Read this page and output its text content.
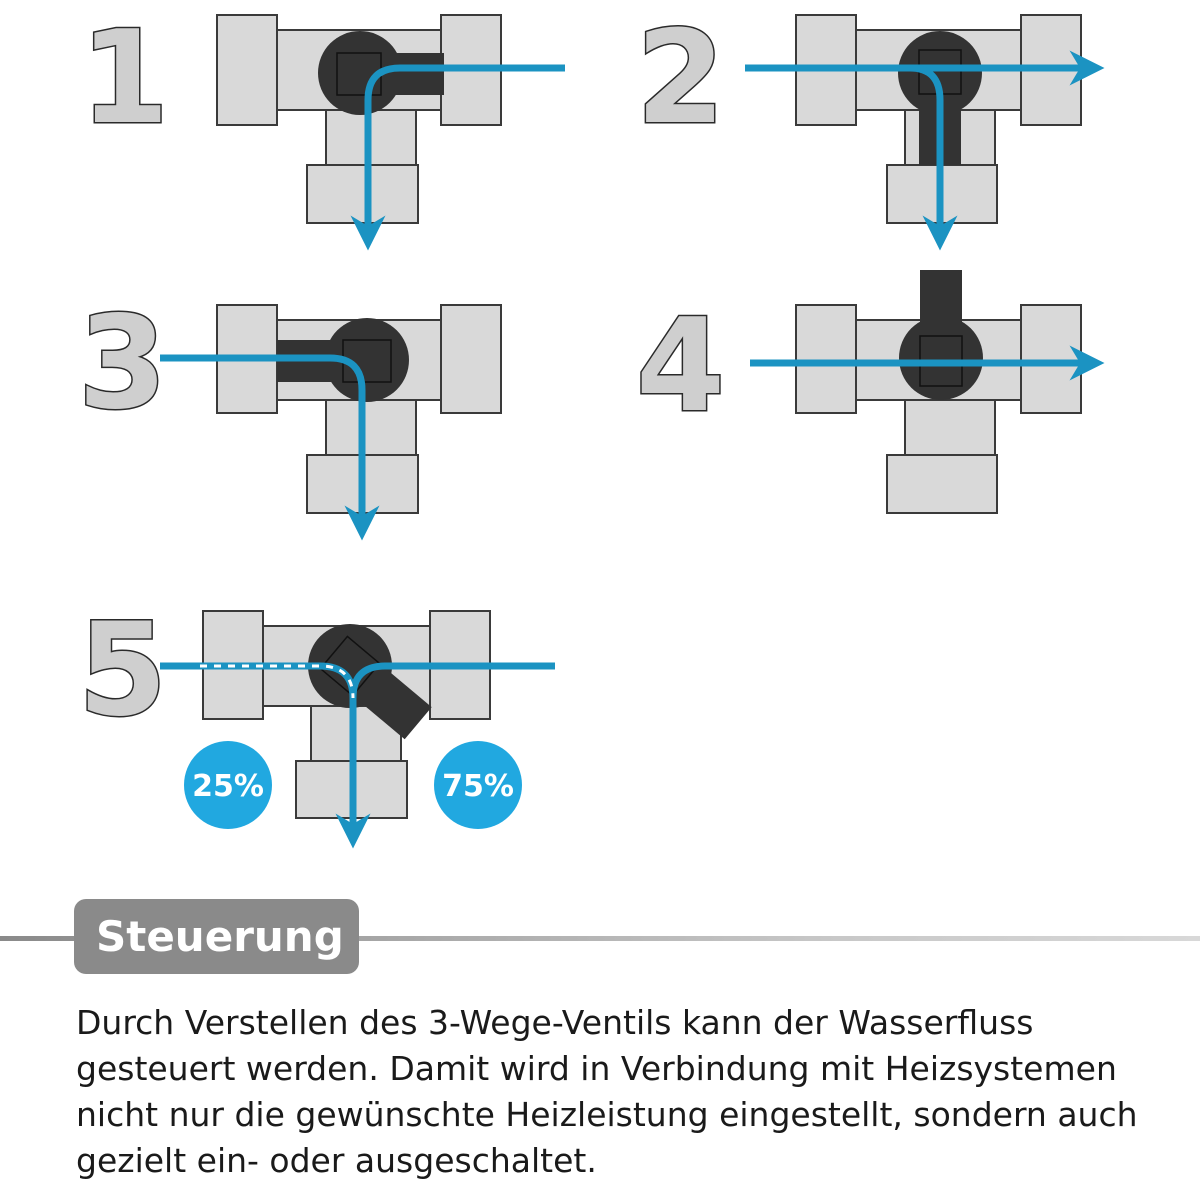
1	2
3	4
5
25%	75%
Steuerung

Durch Verstellen des 3-Wege-Ventils kann der Wasserfluss gesteuert werden. Damit wird in Verbindung mit Heizsystemen nicht nur die gewünschte Heizleistung eingestellt, sondern auch gezielt ein- oder ausgeschaltet.
